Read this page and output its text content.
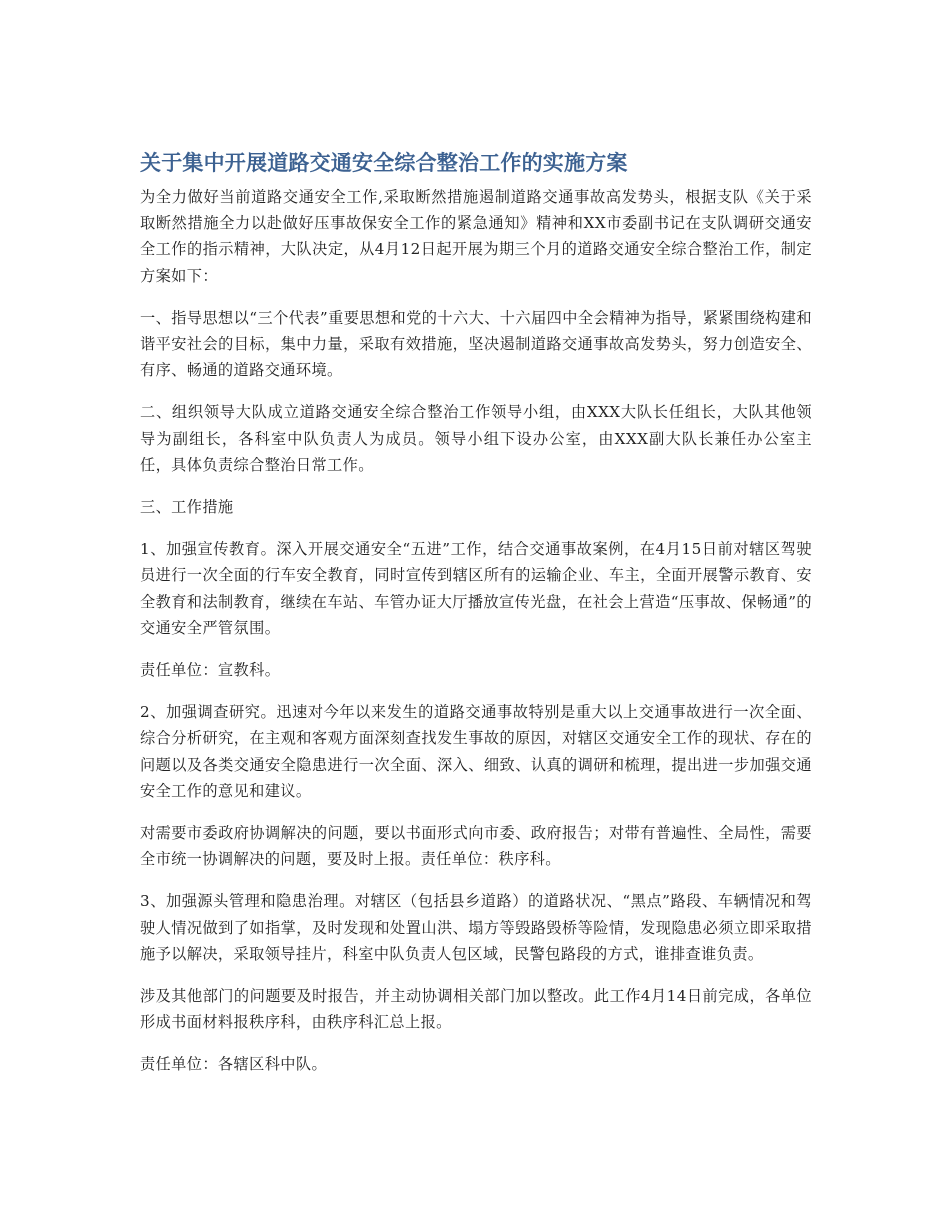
关于集中开展道路交通安全综合整治工作的实施方案

为全力做好当前道路交通安全工作,采取断然措施遏制道路交通事故高发势头，根据支队《关于采取断然措施全力以赴做好压事故保安全工作的紧急通知》精神和XX市委副书记在支队调研交通安全工作的指示精神，大队决定，从4月12日起开展为期三个月的道路交通安全综合整治工作，制定方案如下：

一、指导思想以“三个代表”重要思想和党的十六大、十六届四中全会精神为指导，紧紧围绕构建和谐平安社会的目标，集中力量，采取有效措施，坚决遏制道路交通事故高发势头，努力创造安全、有序、畅通的道路交通环境。

二、组织领导大队成立道路交通安全综合整治工作领导小组，由XXX大队长任组长，大队其他领导为副组长，各科室中队负责人为成员。领导小组下设办公室，由XXX副大队长兼任办公室主任，具体负责综合整治日常工作。

三、工作措施

1、加强宣传教育。深入开展交通安全“五进”工作，结合交通事故案例，在4月15日前对辖区驾驶员进行一次全面的行车安全教育，同时宣传到辖区所有的运输企业、车主，全面开展警示教育、安全教育和法制教育，继续在车站、车管办证大厅播放宣传光盘，在社会上营造“压事故、保畅通”的交通安全严管氛围。

责任单位：宣教科。

2、加强调查研究。迅速对今年以来发生的道路交通事故特别是重大以上交通事故进行一次全面、综合分析研究，在主观和客观方面深刻查找发生事故的原因，对辖区交通安全工作的现状、存在的问题以及各类交通安全隐患进行一次全面、深入、细致、认真的调研和梳理，提出进一步加强交通安全工作的意见和建议。

对需要市委政府协调解决的问题，要以书面形式向市委、政府报告；对带有普遍性、全局性，需要全市统一协调解决的问题，要及时上报。责任单位：秩序科。

3、加强源头管理和隐患治理。对辖区（包括县乡道路）的道路状况、“黑点”路段、车辆情况和驾驶人情况做到了如指掌，及时发现和处置山洪、塌方等毁路毁桥等险情，发现隐患必须立即采取措施予以解决，采取领导挂片，科室中队负责人包区域，民警包路段的方式，谁排查谁负责。

涉及其他部门的问题要及时报告，并主动协调相关部门加以整改。此工作4月14日前完成，各单位形成书面材料报秩序科，由秩序科汇总上报。

责任单位：各辖区科中队。
